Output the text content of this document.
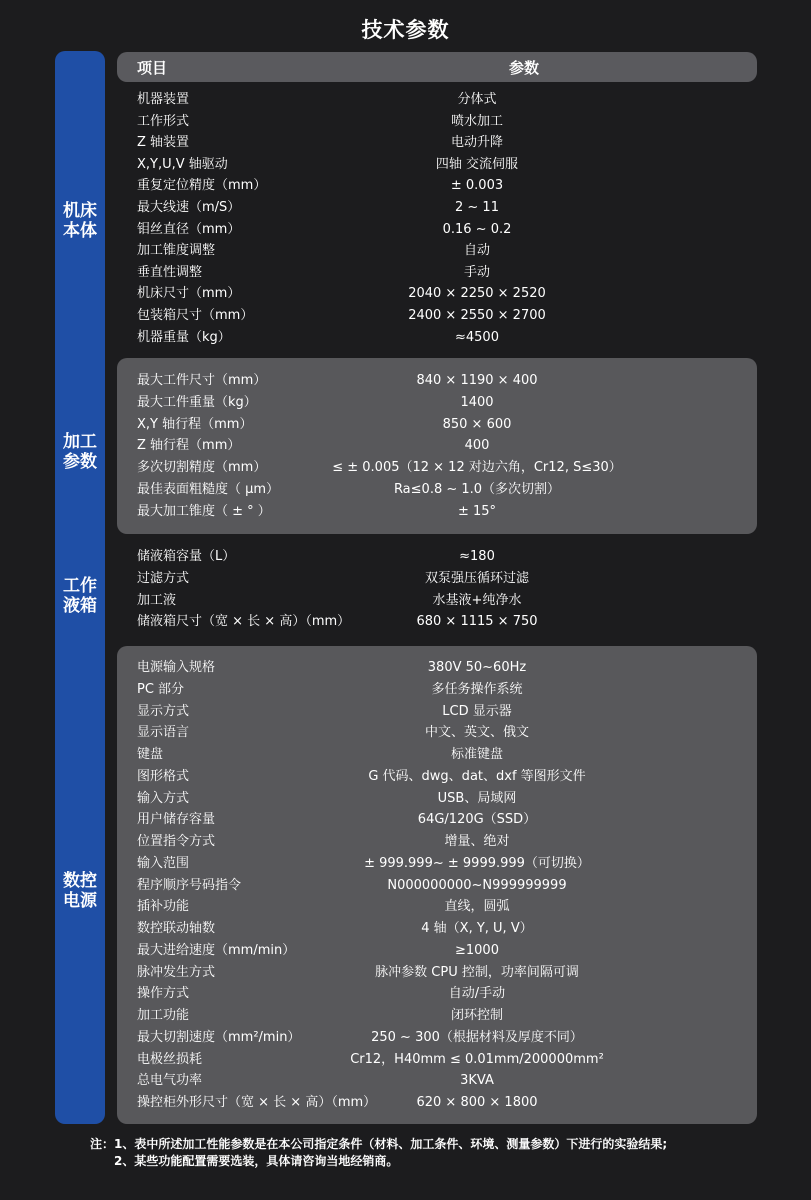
技术参数
机床
本体
加工
参数
工作
液箱
数控
电源
项目	参数
机器装置	分体式
工作形式	喷水加工
Z 轴装置	电动升降
X,Y,U,V 轴驱动	四轴 交流伺服
重复定位精度（mm）	± 0.003
最大线速（m/S）	2 ~ 11
钼丝直径（mm）	0.16 ~ 0.2
加工锥度调整	自动
垂直性调整	手动
机床尺寸（mm）	2040 × 2250 × 2520
包装箱尺寸（mm）	2400 × 2550 × 2700
机器重量（kg）	≈4500
最大工件尺寸（mm）	840 × 1190 × 400
最大工件重量（kg）	1400
X,Y 轴行程（mm）	850 × 600
Z 轴行程（mm）	400
多次切割精度（mm）	≤ ± 0.005（12 × 12 对边六角，Cr12, S≤30）
最佳表面粗糙度（ μm）	Ra≤0.8 ~ 1.0（多次切割）
最大加工锥度（ ± ° ）	± 15°
储液箱容量（L）	≈180
过滤方式	双泵强压循环过滤
加工液	水基液+纯净水
储液箱尺寸（宽 × 长 × 高）（mm）	680 × 1115 × 750
电源输入规格	380V 50~60Hz
PC 部分	多任务操作系统
显示方式	LCD 显示器
显示语言	中文、英文、俄文
键盘	标准键盘
图形格式	G 代码、dwg、dat、dxf 等图形文件
输入方式	USB、局域网
用户储存容量	64G/120G（SSD）
位置指令方式	增量、绝对
输入范围	± 999.999~ ± 9999.999（可切换）
程序顺序号码指令	N000000000~N999999999
插补功能	直线，圆弧
数控联动轴数	4 轴（X, Y, U, V）
最大进给速度（mm/min）	≥1000
脉冲发生方式	脉冲参数 CPU 控制，功率间隔可调
操作方式	自动/手动
加工功能	闭环控制
最大切割速度（mm²/min）	250 ~ 300（根据材料及厚度不同）
电极丝损耗	Cr12，H40mm ≤ 0.01mm/200000mm²
总电气功率	3KVA
操控柜外形尺寸（宽 × 长 × 高）（mm）	620 × 800 × 1800
注：1、表中所述加工性能参数是在本公司指定条件（材料、加工条件、环境、测量参数）下进行的实验结果;
　　2、某些功能配置需要选装，具体请咨询当地经销商。
